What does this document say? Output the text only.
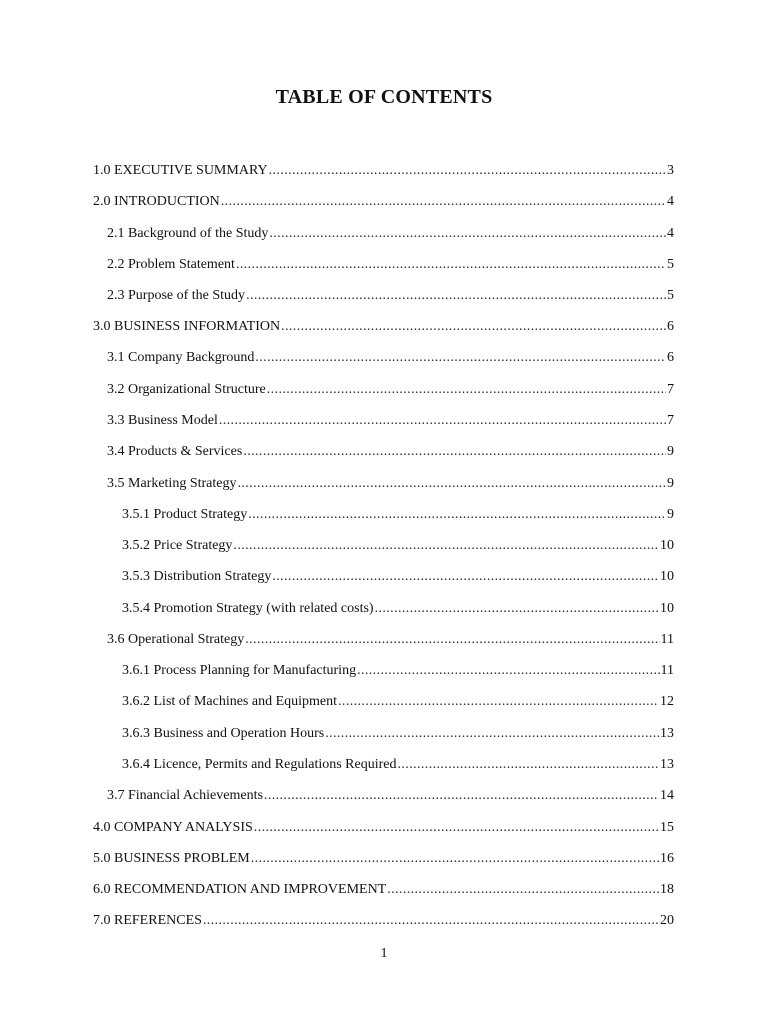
TABLE OF CONTENTS
1.0 EXECUTIVE SUMMARY .....	3
2.0 INTRODUCTION .....	4
2.1 Background of the Study .....	4
2.2 Problem Statement .....	5
2.3 Purpose of the Study .....	5
3.0 BUSINESS INFORMATION .....	6
3.1 Company Background .....	6
3.2 Organizational Structure .....	7
3.3 Business Model .....	7
3.4 Products & Services .....	9
3.5 Marketing Strategy .....	9
3.5.1 Product Strategy .....	9
3.5.2 Price Strategy .....	10
3.5.3 Distribution Strategy .....	10
3.5.4 Promotion Strategy (with related costs) .....	10
3.6 Operational Strategy .....	11
3.6.1 Process Planning for Manufacturing .....	11
3.6.2 List of Machines and Equipment .....	12
3.6.3 Business and Operation Hours .....	13
3.6.4 Licence, Permits and Regulations Required .....	13
3.7 Financial Achievements .....	14
4.0 COMPANY ANALYSIS .....	15
5.0 BUSINESS PROBLEM .....	16
6.0 RECOMMENDATION AND IMPROVEMENT .....	18
7.0 REFERENCES .....	20
1
